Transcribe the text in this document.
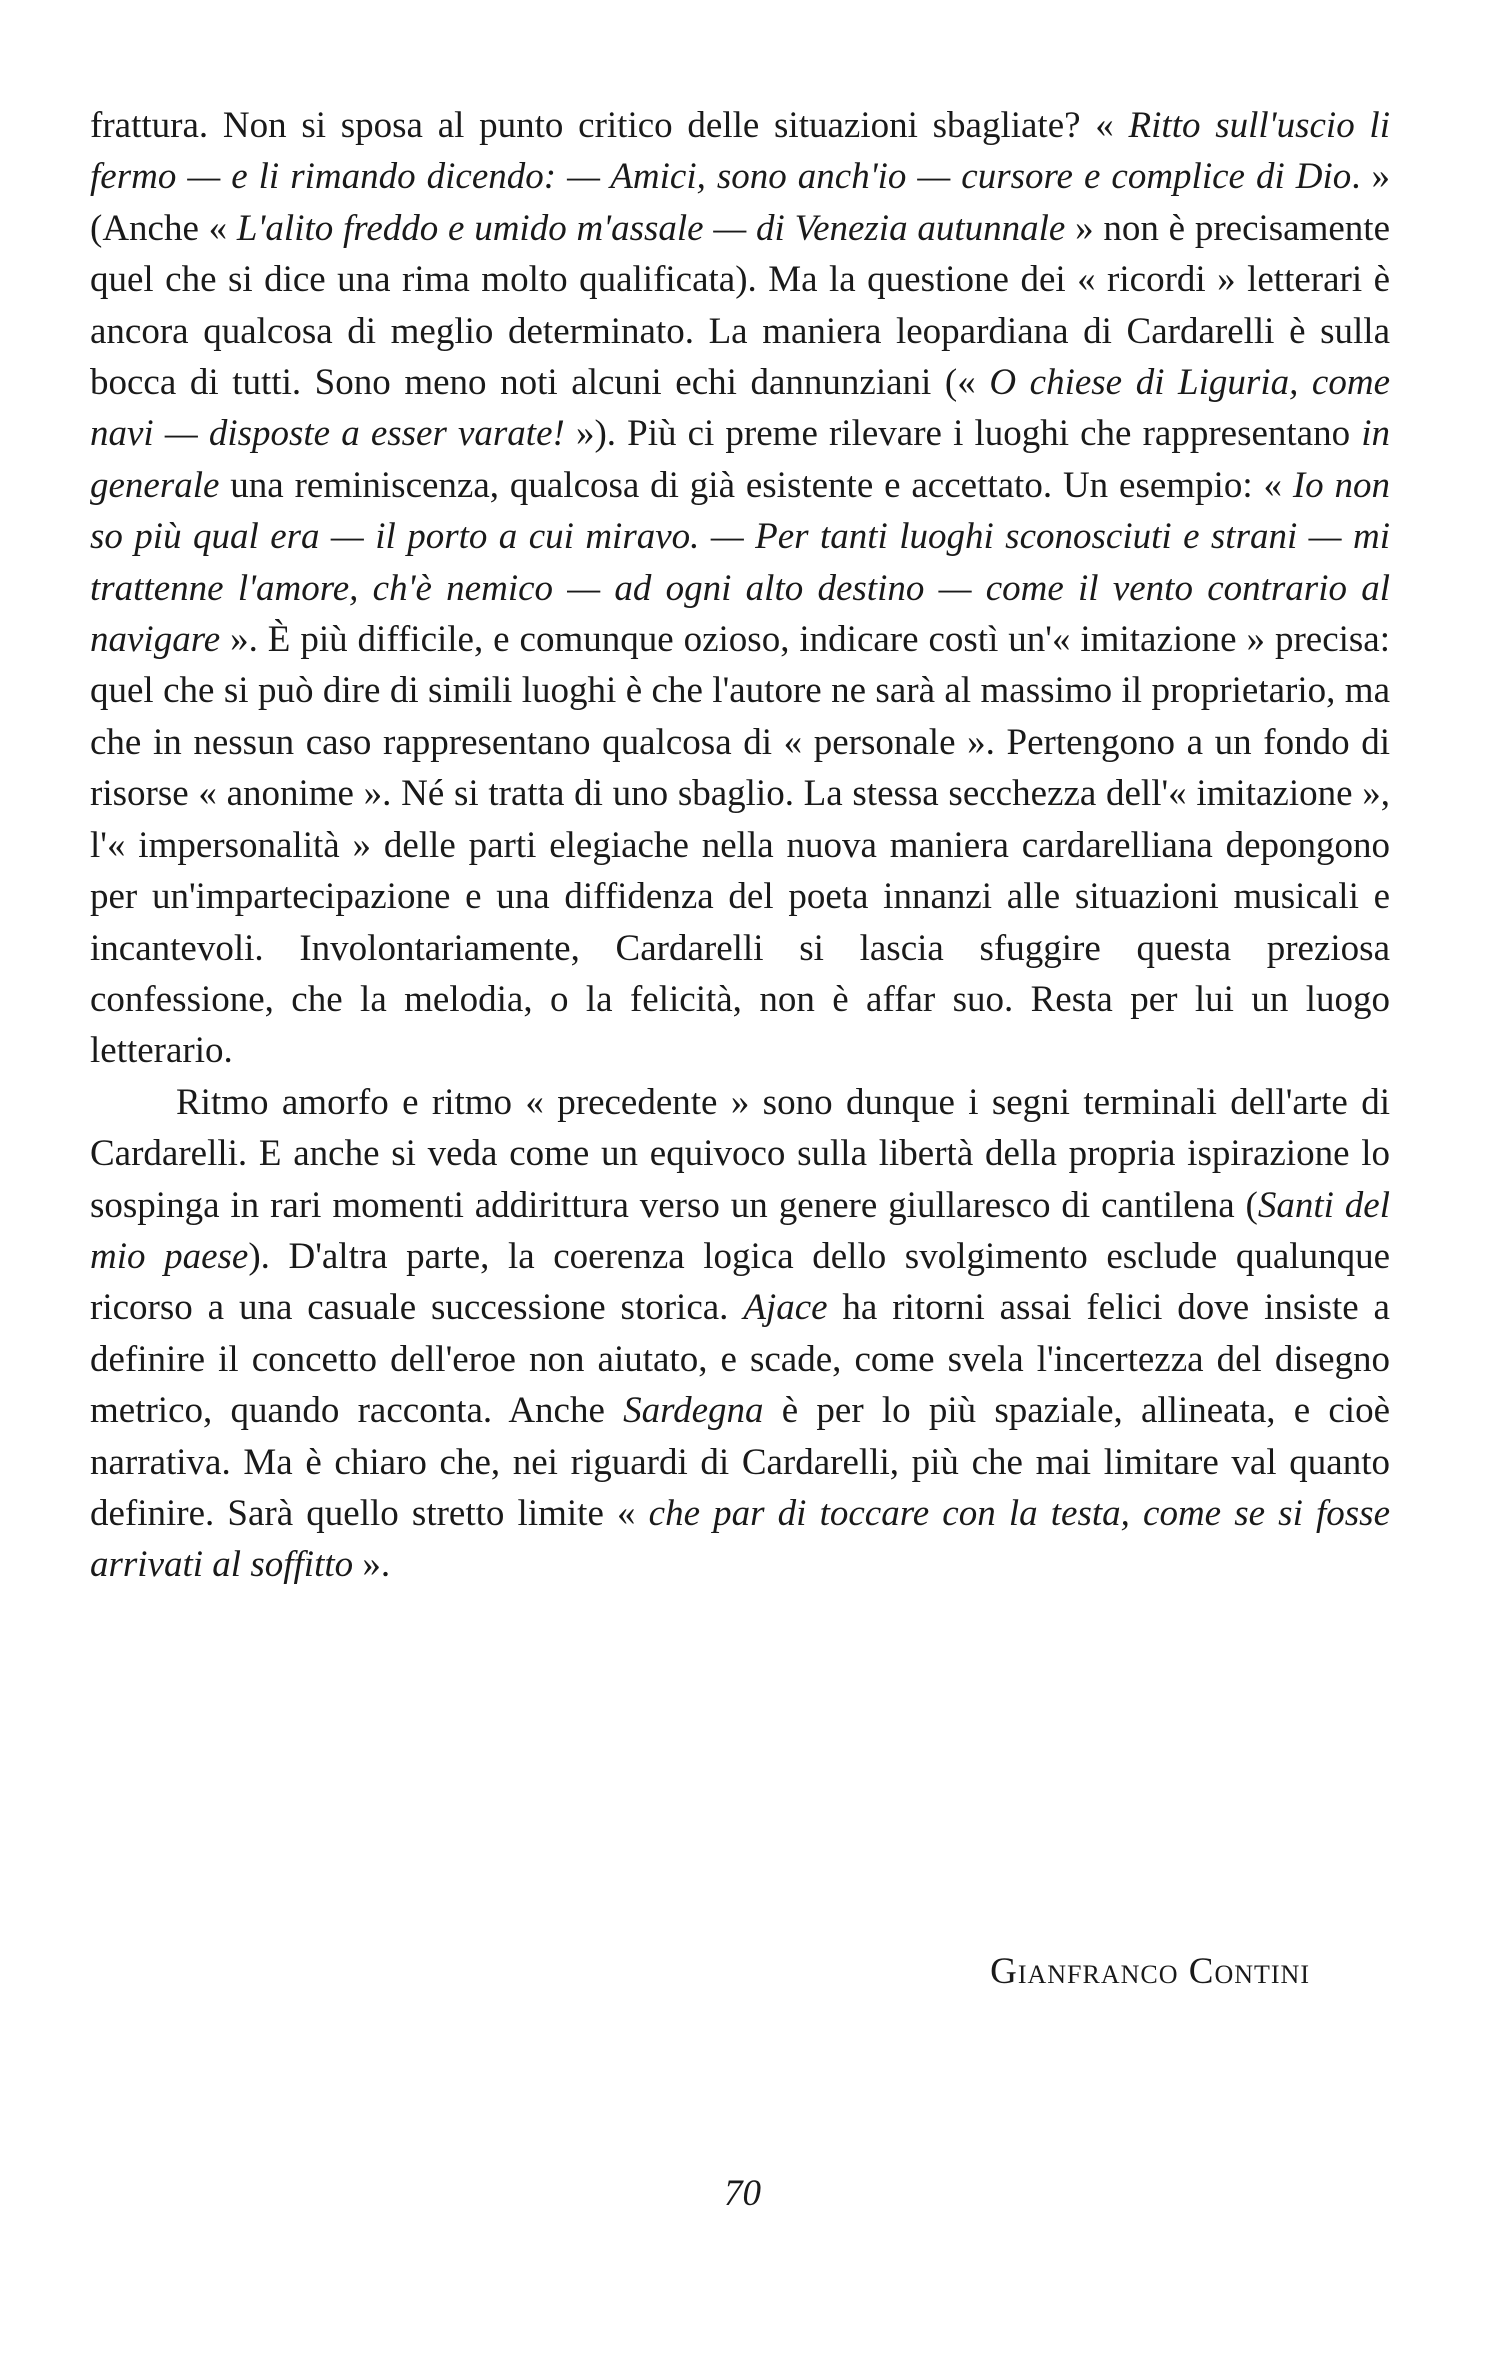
frattura. Non si sposa al punto critico delle situazioni sbagliate? « Ritto sull'uscio li fermo — e li rimando dicendo: — Amici, sono anch'io — cursore e complice di Dio. » (Anche « L'alito freddo e umido m'assale — di Venezia autunnale » non è precisamente quel che si dice una rima molto qualificata). Ma la questione dei « ricordi » letterari è ancora qualcosa di meglio determinato. La maniera leopardiana di Cardarelli è sulla bocca di tutti. Sono meno noti alcuni echi dannunziani (« O chiese di Liguria, come navi — disposte a esser varate! »). Più ci preme rilevare i luoghi che rappresentano in generale una reminiscenza, qualcosa di già esistente e accettato. Un esempio: « Io non so più qual era — il porto a cui miravo. — Per tanti luoghi sconosciuti e strani — mi trattenne l'amore, ch'è nemico — ad ogni alto destino — come il vento contrario al navigare ». È più difficile, e comunque ozioso, indicare costì un'« imitazione » precisa: quel che si può dire di simili luoghi è che l'autore ne sarà al massimo il proprietario, ma che in nessun caso rappresentano qualcosa di « personale ». Pertengono a un fondo di risorse « anonime ». Né si tratta di uno sbaglio. La stessa secchezza dell'« imitazione », l'« impersonalità » delle parti elegiache nella nuova maniera cardarelliana depongono per un'impartecipazione e una diffidenza del poeta innanzi alle situazioni musicali e incantevoli. Involontariamente, Cardarelli si lascia sfuggire questa preziosa confessione, che la melodia, o la felicità, non è affar suo. Resta per lui un luogo letterario.

Ritmo amorfo e ritmo « precedente » sono dunque i segni terminali dell'arte di Cardarelli. E anche si veda come un equivoco sulla libertà della propria ispirazione lo sospinga in rari momenti addirittura verso un genere giullaresco di cantilena (Santi del mio paese). D'altra parte, la coerenza logica dello svolgimento esclude qualunque ricorso a una casuale successione storica. Ajace ha ritorni assai felici dove insiste a definire il concetto dell'eroe non aiutato, e scade, come svela l'incertezza del disegno metrico, quando racconta. Anche Sardegna è per lo più spaziale, allineata, e cioè narrativa. Ma è chiaro che, nei riguardi di Cardarelli, più che mai limitare val quanto definire. Sarà quello stretto limite « che par di toccare con la testa, come se si fosse arrivati al soffitto ».

Gianfranco Contini
70
